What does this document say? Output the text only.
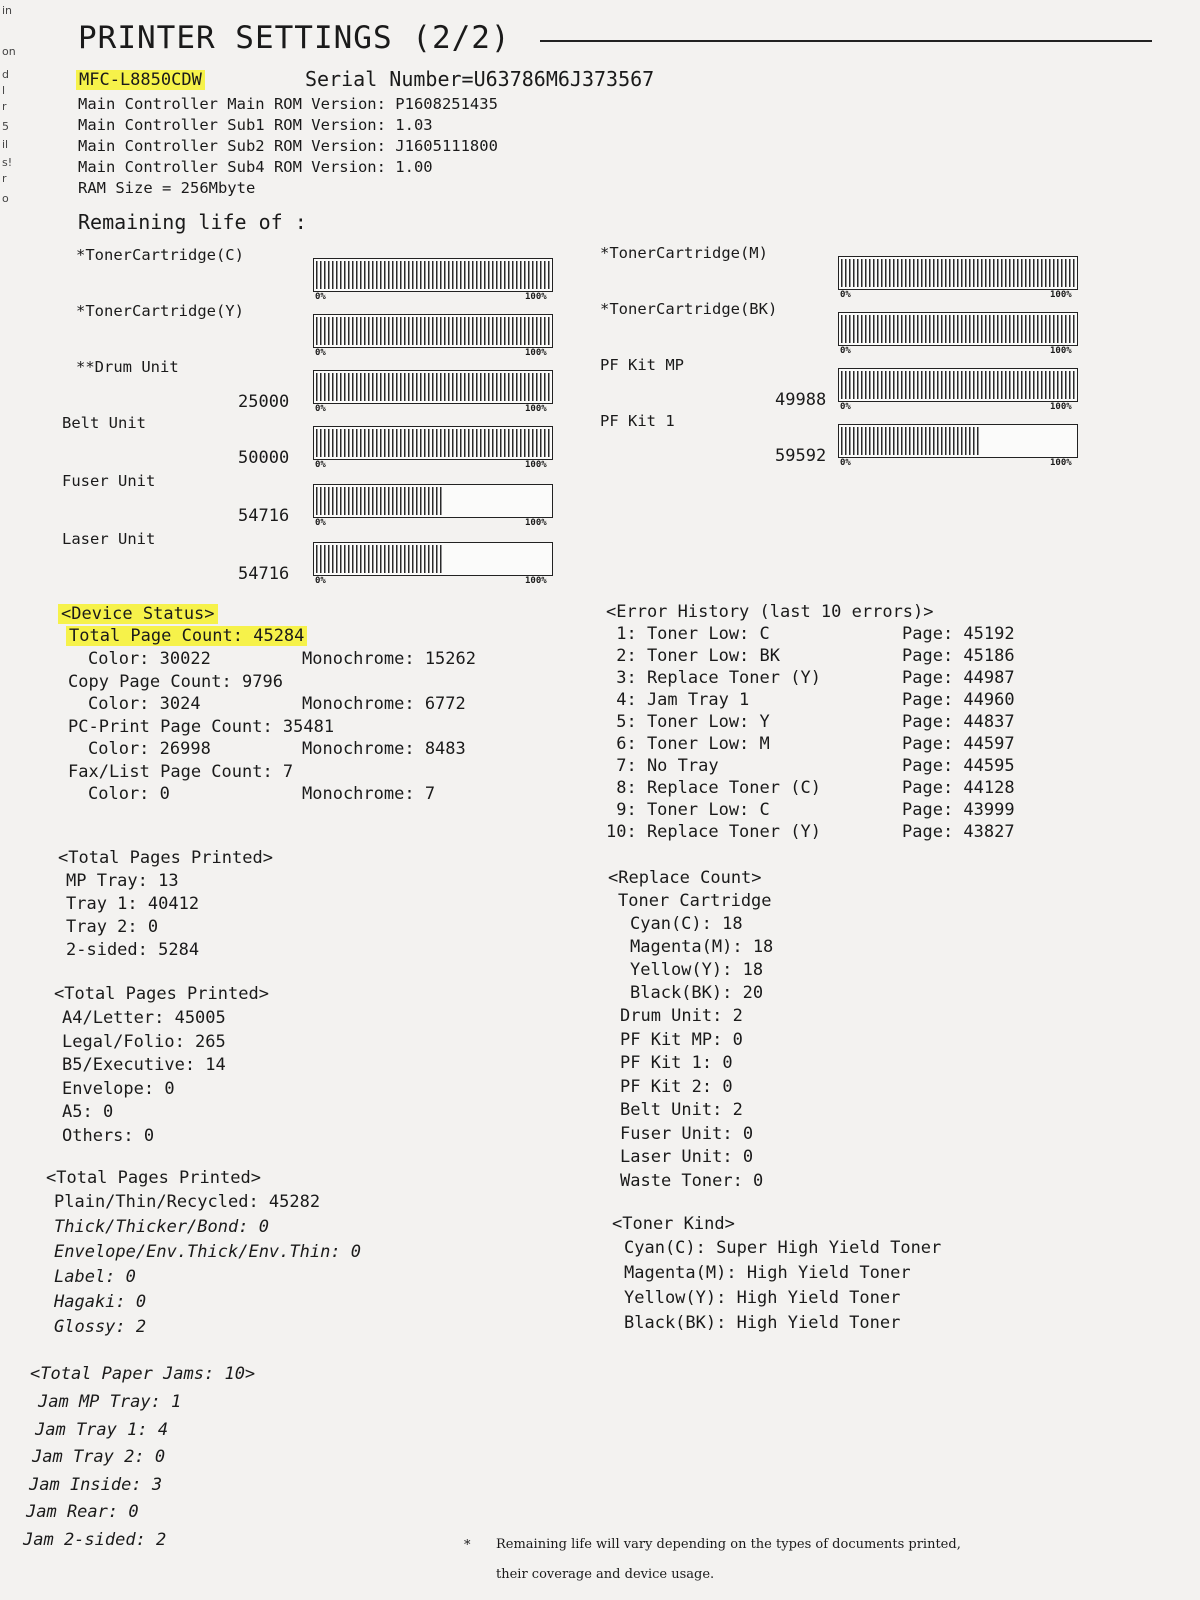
in
on
d
l
r
5
il
s!
r
o
PRINTER SETTINGS (2/2)
MFC-L8850CDW	Serial Number=U63786M6J373567
Main Controller Main ROM Version: P1608251435
Main Controller Sub1 ROM Version: 1.03
Main Controller Sub2 ROM Version: J1605111800
Main Controller Sub4 ROM Version: 1.00
RAM Size = 256Mbyte
Remaining life of :
*TonerCartridge(C)
0%	100%
*TonerCartridge(Y)
0%	100%
**Drum Unit
25000	0%	100%
Belt Unit
50000	0%	100%
Fuser Unit
54716	0%	100%
Laser Unit
54716	0%	100%
*TonerCartridge(M)
0%	100%
*TonerCartridge(BK)
0%	100%
PF Kit MP
49988 0%	100%
PF Kit 1
59592 0%	100%
<Device Status>
Total Page Count: 45284
Color: 30022	Monochrome: 15262
Copy Page Count: 9796
Color: 3024	Monochrome: 6772
PC-Print Page Count: 35481
Color: 26998	Monochrome: 8483
Fax/List Page Count: 7
Color: 0	Monochrome: 7
<Error History (last 10 errors)>
1: Toner Low: C	Page: 45192
2: Toner Low: BK	Page: 45186
3: Replace Toner (Y)	Page: 44987
4: Jam Tray 1	Page: 44960
5: Toner Low: Y	Page: 44837
6: Toner Low: M	Page: 44597
7: No Tray	Page: 44595
8: Replace Toner (C)	Page: 44128
9: Toner Low: C	Page: 43999
10: Replace Toner (Y)	Page: 43827
<Total Pages Printed>
MP Tray: 13
Tray 1: 40412
Tray 2: 0
2-sided: 5284
<Total Pages Printed>
A4/Letter: 45005
Legal/Folio: 265
B5/Executive: 14
Envelope: 0
A5: 0
Others: 0
<Total Pages Printed>
Plain/Thin/Recycled: 45282
Thick/Thicker/Bond: 0
Envelope/Env.Thick/Env.Thin: 0
Label: 0
Hagaki: 0
Glossy: 2
<Total Paper Jams: 10>
Jam MP Tray: 1
Jam Tray 1: 4
Jam Tray 2: 0
Jam Inside: 3
Jam Rear: 0
Jam 2-sided: 2
<Replace Count>
Toner Cartridge
Cyan(C): 18
Magenta(M): 18
Yellow(Y): 18
Black(BK): 20
Drum Unit: 2
PF Kit MP: 0
PF Kit 1: 0
PF Kit 2: 0
Belt Unit: 2
Fuser Unit: 0
Laser Unit: 0
Waste Toner: 0
<Toner Kind>
Cyan(C): Super High Yield Toner
Magenta(M): High Yield Toner
Yellow(Y): High Yield Toner
Black(BK): High Yield Toner
* Remaining life will vary depending on the types of documents printed,
their coverage and device usage.
